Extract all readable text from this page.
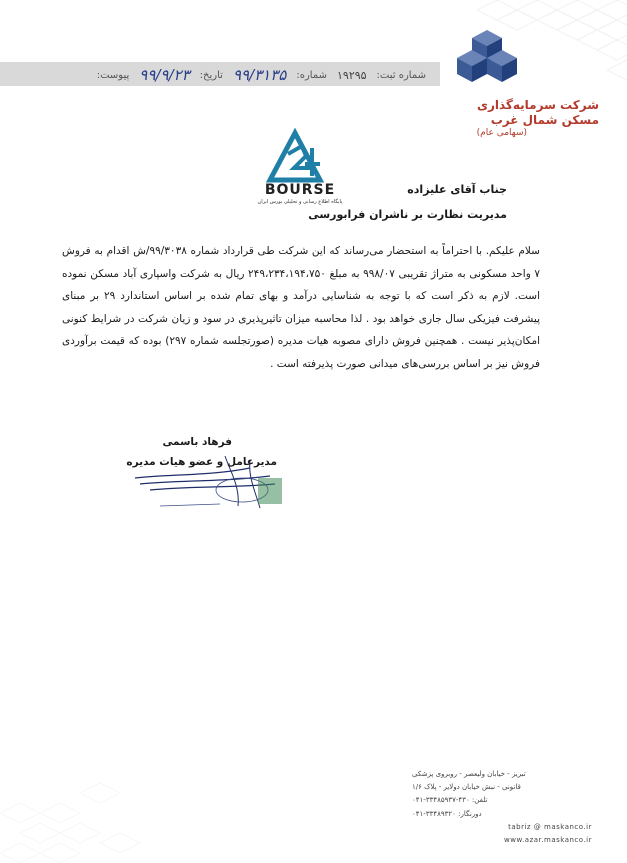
شماره ثبت:
۱۹۲۹۵
شماره:
۹۹/۳۱۳۵
تاریخ:
۹۹/۹/۲۳
پیوست:
شرکت سرمایه‌گذاری مسکن شمال غرب
(سهامی عام)
BOURSE
پایگاه اطلاع رسانی و تحلیلی بورس ایران
جناب آقای علیزاده
مدیریت نظارت بر ناشران فرابورسی
سلام علیکم. با احتراماً به استحضار می‌رساند که این شرکت طی قرارداد شماره ۹۹/۳۰۳۸/ش اقدام به فروش ۷ واحد مسکونی به متراژ تقریبی ۹۹۸/۰۷ به مبلغ ۲۴۹،۲۳۴،۱۹۴،۷۵۰ ریال به شرکت واسپاری آباد مسکن نموده است. لازم به ذکر است که با توجه به شناسایی درآمد و بهای تمام شده بر اساس استاندارد ۲۹ بر مبنای پیشرفت فیزیکی سال جاری خواهد بود . لذا محاسبه میزان تاثیرپذیری در سود و زیان شرکت در شرایط کنونی امکان‌پذیر نیست . همچنین فروش دارای مصوبه هیات مدیره (صورتجلسه شماره ۲۹۷) بوده که قیمت برآوردی فروش نیز بر اساس بررسی‌های میدانی صورت پذیرفته است .
فرهاد باسمی
مدیرعامل و عضو هیات مدیره
تبریز - خیابان ولیعصر - روبروی پزشکی
قانونی - نبش خیابان دولایر - پلاک ۱/۶
تلفن: ۴۳۰-۳۳۴۸۵۹۳۷-۰۴۱
دورنگار: ۳۳۴۸۹۳۲۰-۰۴۱
tabriz @ maskanco.ir
www.azar.maskanco.ir
